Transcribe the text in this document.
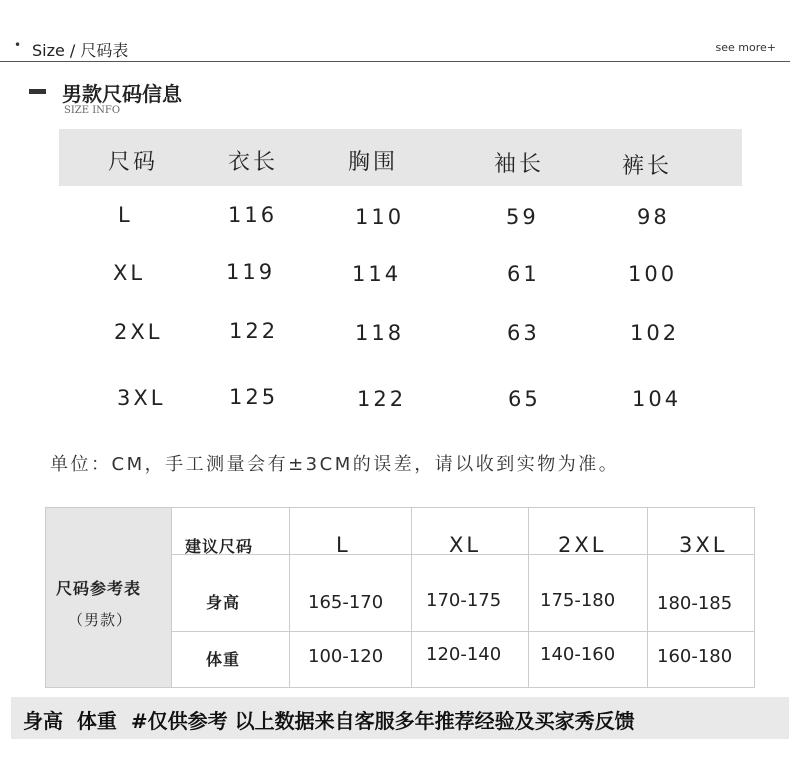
• Size / 尺码表	see more+
男款尺码信息
SIZE INFO
尺码	衣长	胸围	袖长	裤长
L	116	110	59	98
XL	119	114	61	100
2XL	122	118	63	102
3XL	125	122	65	104
单位：CM，手工测量会有±3CM的误差，请以收到实物为准。
尺码参考表
（男款）
建议尺码	L	XL	2XL	3XL
身高	165-170 170-175 175-180 180-185
体重	100-120 120-140 140-160 160-180
身高  体重  #仅供参考 以上数据来自客服多年推荐经验及买家秀反馈
